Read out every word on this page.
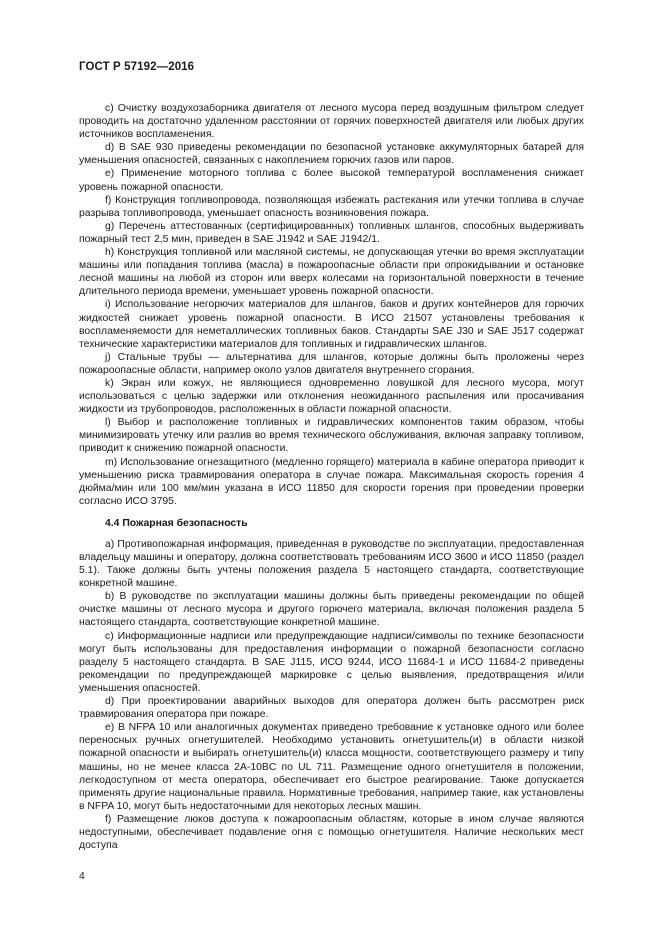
ГОСТ Р 57192—2016

c) Очистку воздухозаборника двигателя от лесного мусора перед воздушным фильтром следует проводить на достаточно удаленном расстоянии от горячих поверхностей двигателя или любых других источников воспламенения.

d) В SAE 930 приведены рекомендации по безопасной установке аккумуляторных батарей для уменьшения опасностей, связанных с накоплением горючих газов или паров.

e) Применение моторного топлива с более высокой температурой воспламенения снижает уровень пожарной опасности.

f) Конструкция топливопровода, позволяющая избежать растекания или утечки топлива в случае разрыва топливопровода, уменьшает опасность возникновения пожара.

g) Перечень аттестованных (сертифицированных) топливных шлангов, способных выдерживать пожарный тест 2,5 мин, приведен в SAE J1942 и SAE J1942/1.

h) Конструкция топливной или масляной системы, не допускающая утечки во время эксплуатации машины или попадания топлива (масла) в пожароопасные области при опрокидывании и остановке лесной машины на любой из сторон или вверх колесами на горизонтальной поверхности в течение длительного периода времени, уменьшает уровень пожарной опасности.

i) Использование негорючих материалов для шлангов, баков и других контейнеров для горючих жидкостей снижает уровень пожарной опасности. В ИСО 21507 установлены требования к воспламеняемости для неметаллических топливных баков. Стандарты SAE J30 и SAE J517 содержат технические характеристики материалов для топливных и гидравлических шлангов.

j) Стальные трубы — альтернатива для шлангов, которые должны быть проложены через пожароопасные области, например около узлов двигателя внутреннего сгорания.

k) Экран или кожух, не являющиеся одновременно ловушкой для лесного мусора, могут использоваться с целью задержки или отклонения неожиданного распыления или просачивания жидкости из трубопроводов, расположенных в области пожарной опасности.

l) Выбор и расположение топливных и гидравлических компонентов таким образом, чтобы минимизировать утечку или разлив во время технического обслуживания, включая заправку топливом, приводит к снижению пожарной опасности.

m) Использование огнезащитного (медленно горящего) материала в кабине оператора приводит к уменьшению риска травмирования оператора в случае пожара. Максимальная скорость горения 4 дюйма/мин или 100 мм/мин указана в ИСО 11850 для скорости горения при проведении проверки согласно ИСО 3795.

4.4 Пожарная безопасность

a) Противопожарная информация, приведенная в руководстве по эксплуатации, предоставленная владельцу машины и оператору, должна соответствовать требованиям ИСО 3600 и ИСО 11850 (раздел 5.1). Также должны быть учтены положения раздела 5 настоящего стандарта, соответствующие конкретной машине.

b) В руководстве по эксплуатации машины должны быть приведены рекомендации по общей очистке машины от лесного мусора и другого горючего материала, включая положения раздела 5 настоящего стандарта, соответствующие конкретной машине.

c) Информационные надписи или предупреждающие надписи/символы по технике безопасности могут быть использованы для предоставления информации о пожарной безопасности согласно разделу 5 настоящего стандарта. В SAE J115, ИСО 9244, ИСО 11684-1 и ИСО 11684-2 приведены рекомендации по предупреждающей маркировке с целью выявления, предотвращения и/или уменьшения опасностей.

d) При проектировании аварийных выходов для оператора должен быть рассмотрен риск травмирования оператора при пожаре.

e) В NFPA 10 или аналогичных документах приведено требование к установке одного или более переносных ручных огнетушителей. Необходимо установить огнетушитель(и) в области низкой пожарной опасности и выбирать огнетушитель(и) класса мощности, соответствующего размеру и типу машины, но не менее класса 2A-10BC по UL 711. Размещение одного огнетушителя в положении, легкодоступном от места оператора, обеспечивает его быстрое реагирование. Также допускается применять другие национальные правила. Нормативные требования, например такие, как установлены в NFPA 10, могут быть недостаточными для некоторых лесных машин.

f) Размещение люков доступа к пожароопасным областям, которые в ином случае являются недоступными, обеспечивает подавление огня с помощью огнетушителя. Наличие нескольких мест доступа

4
